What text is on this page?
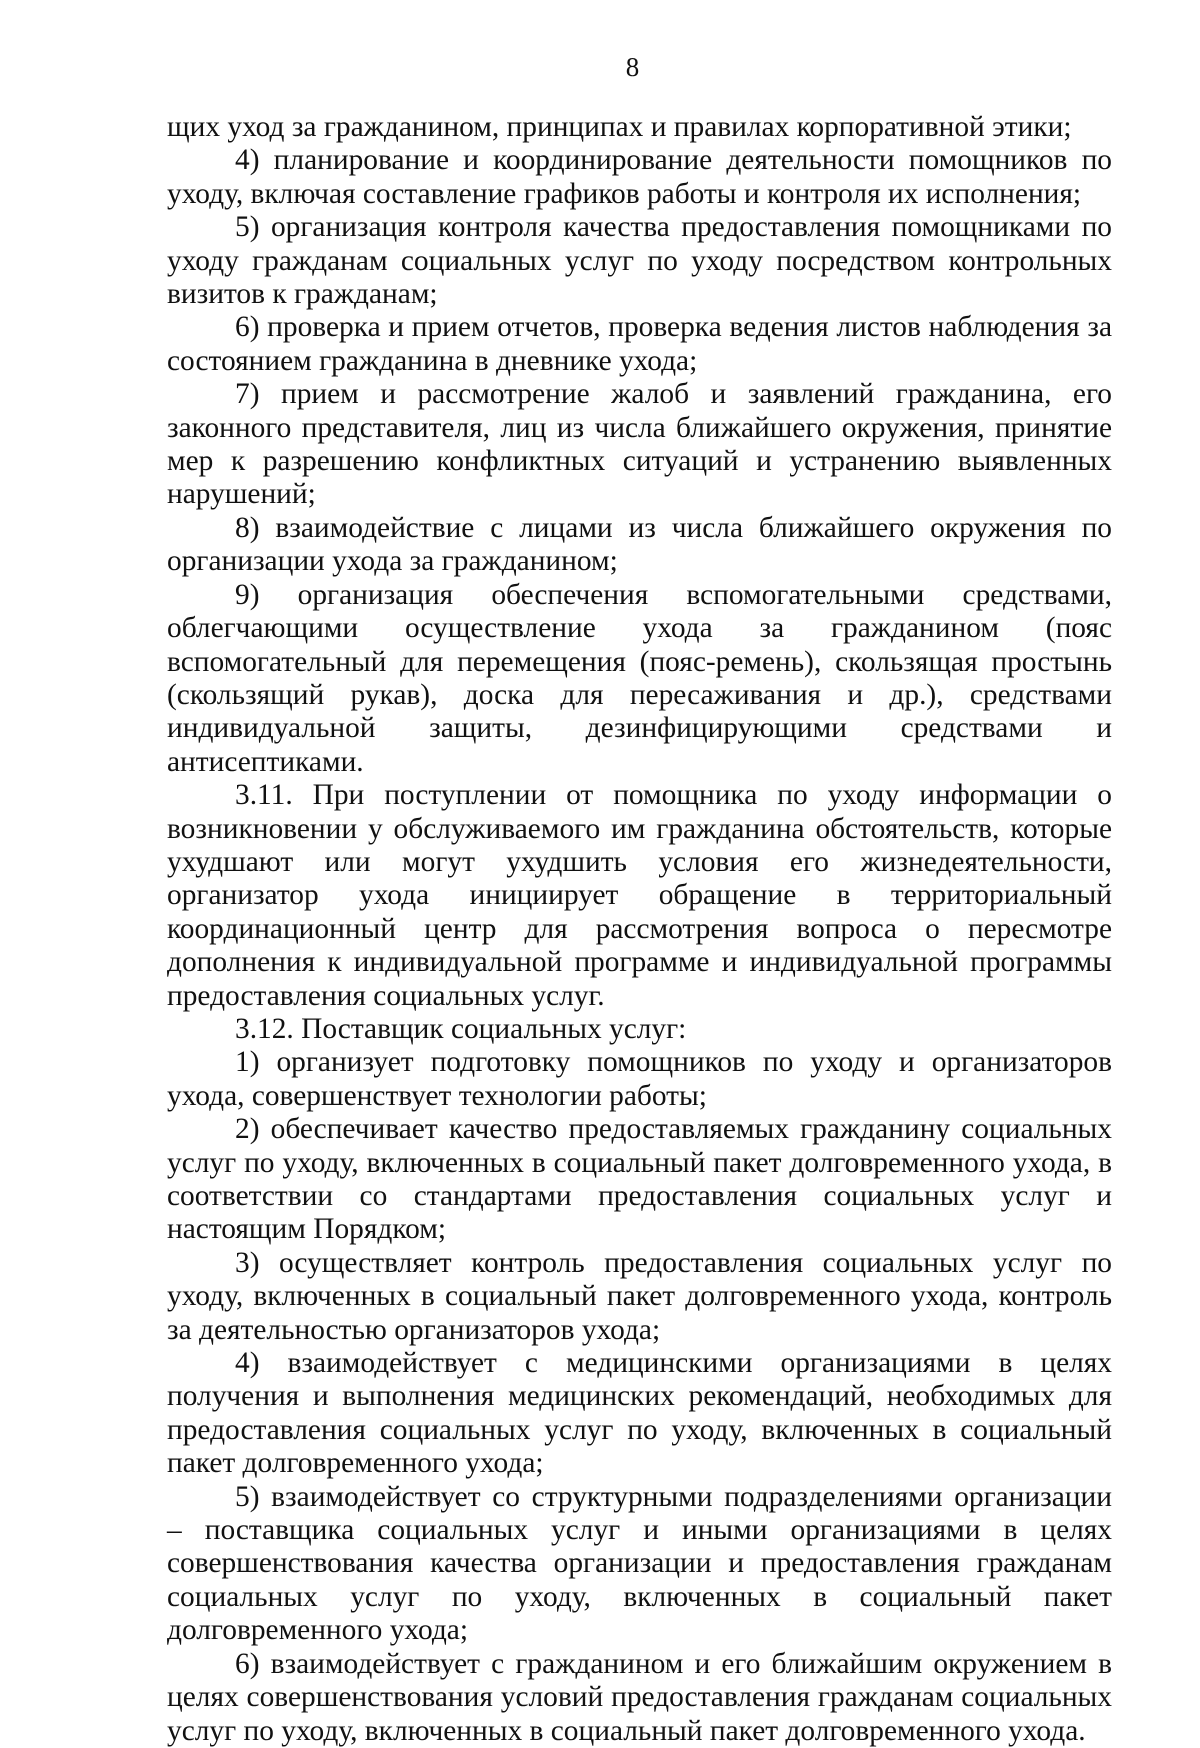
8

щих уход за гражданином, принципах и правилах корпоративной этики;

4) планирование и координирование деятельности помощников по уходу, включая составление графиков работы и контроля их исполнения;

5) организация контроля качества предоставления помощниками по уходу гражданам социальных услуг по уходу посредством контрольных визитов к гражданам;

6) проверка и прием отчетов, проверка ведения листов наблюдения за состоянием гражданина в дневнике ухода;

7) прием и рассмотрение жалоб и заявлений гражданина, его законного представителя, лиц из числа ближайшего окружения, принятие мер к разрешению конфликтных ситуаций и устранению выявленных нарушений;

8) взаимодействие с лицами из числа ближайшего окружения по организации ухода за гражданином;

9) организация обеспечения вспомогательными средствами, облегчающими осуществление ухода за гражданином (пояс вспомогательный для перемещения (пояс-ремень), скользящая простынь (скользящий рукав), доска для пересаживания и др.), средствами индивидуальной защиты, дезинфицирующими средствами и антисептиками.

3.11. При поступлении от помощника по уходу информации о возникновении у обслуживаемого им гражданина обстоятельств, которые ухудшают или могут ухудшить условия его жизнедеятельности, организатор ухода инициирует обращение в территориальный координационный центр для рассмотрения вопроса о пересмотре дополнения к индивидуальной программе и индивидуальной программы предоставления социальных услуг.

3.12. Поставщик социальных услуг:

1) организует подготовку помощников по уходу и организаторов ухода, совершенствует технологии работы;

2) обеспечивает качество предоставляемых гражданину социальных услуг по уходу, включенных в социальный пакет долговременного ухода, в соответствии со стандартами предоставления социальных услуг и настоящим Порядком;

3) осуществляет контроль предоставления социальных услуг по уходу, включенных в социальный пакет долговременного ухода, контроль за деятельностью организаторов ухода;

4) взаимодействует с медицинскими организациями в целях получения и выполнения медицинских рекомендаций, необходимых для предоставления социальных услуг по уходу, включенных в социальный пакет долговременного ухода;

5) взаимодействует со структурными подразделениями организации – поставщика социальных услуг и иными организациями в целях совершенствования качества организации и предоставления гражданам социальных услуг по уходу, включенных в социальный пакет долговременного ухода;

6) взаимодействует с гражданином и его ближайшим окружением в целях совершенствования условий предоставления гражданам социальных услуг по уходу, включенных в социальный пакет долговременного ухода.
